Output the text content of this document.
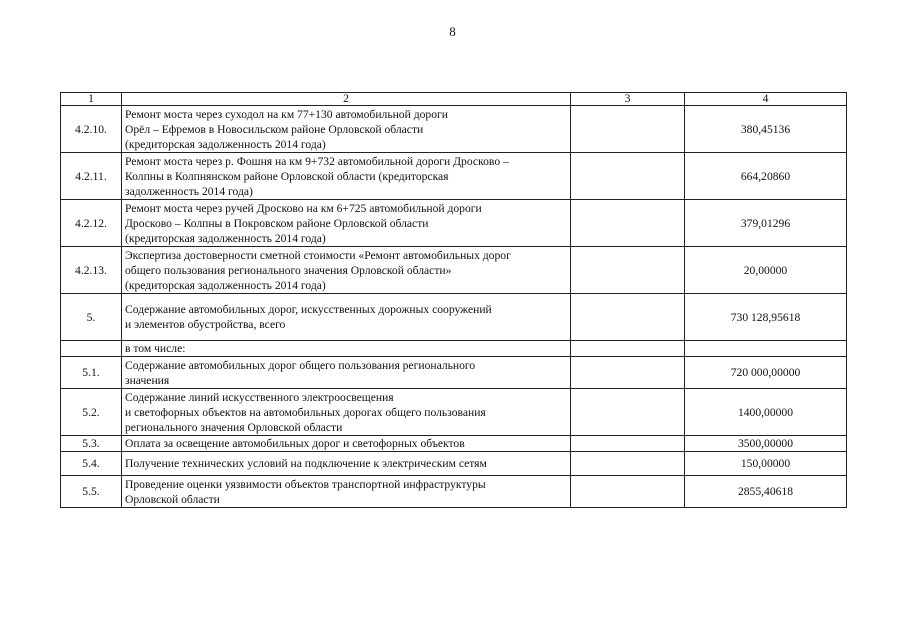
8
1	2	3	4
4.2.10.	Ремонт моста через суходол на км 77+130 автомобильной дороги
Орёл – Ефремов в Новосильском районе Орловской области
(кредиторская задолженность 2014 года)		380,45136
4.2.11.	Ремонт моста через р. Фошня на км 9+732 автомобильной дороги Дросково –
Колпны в Колпнянском районе Орловской области (кредиторская
задолженность 2014 года)		664,20860
4.2.12.	Ремонт моста через ручей Дросково на км 6+725 автомобильной дороги
Дросково – Колпны в Покровском районе Орловской области
(кредиторская задолженность 2014 года)		379,01296
4.2.13.	Экспертиза достоверности сметной стоимости «Ремонт автомобильных дорог
общего пользования регионального значения Орловской области»
(кредиторская задолженность 2014 года)		20,00000
5.	Содержание автомобильных дорог, искусственных дорожных сооружений
и элементов обустройства, всего		730 128,95618

	в том числе:		

5.1.	Содержание автомобильных дорог общего пользования регионального
значения		720 000,00000
5.2.	Содержание линий искусственного электроосвещения
и светофорных объектов на автомобильных дорогах общего пользования
регионального значения Орловской области		1400,00000
5.3.	Оплата за освещение автомобильных дорог и светофорных объектов		3500,00000
5.4.	Получение технических условий на подключение к электрическим сетям		150,00000
5.5.	Проведение оценки уязвимости объектов транспортной инфраструктуры
Орловской области		2855,40618
